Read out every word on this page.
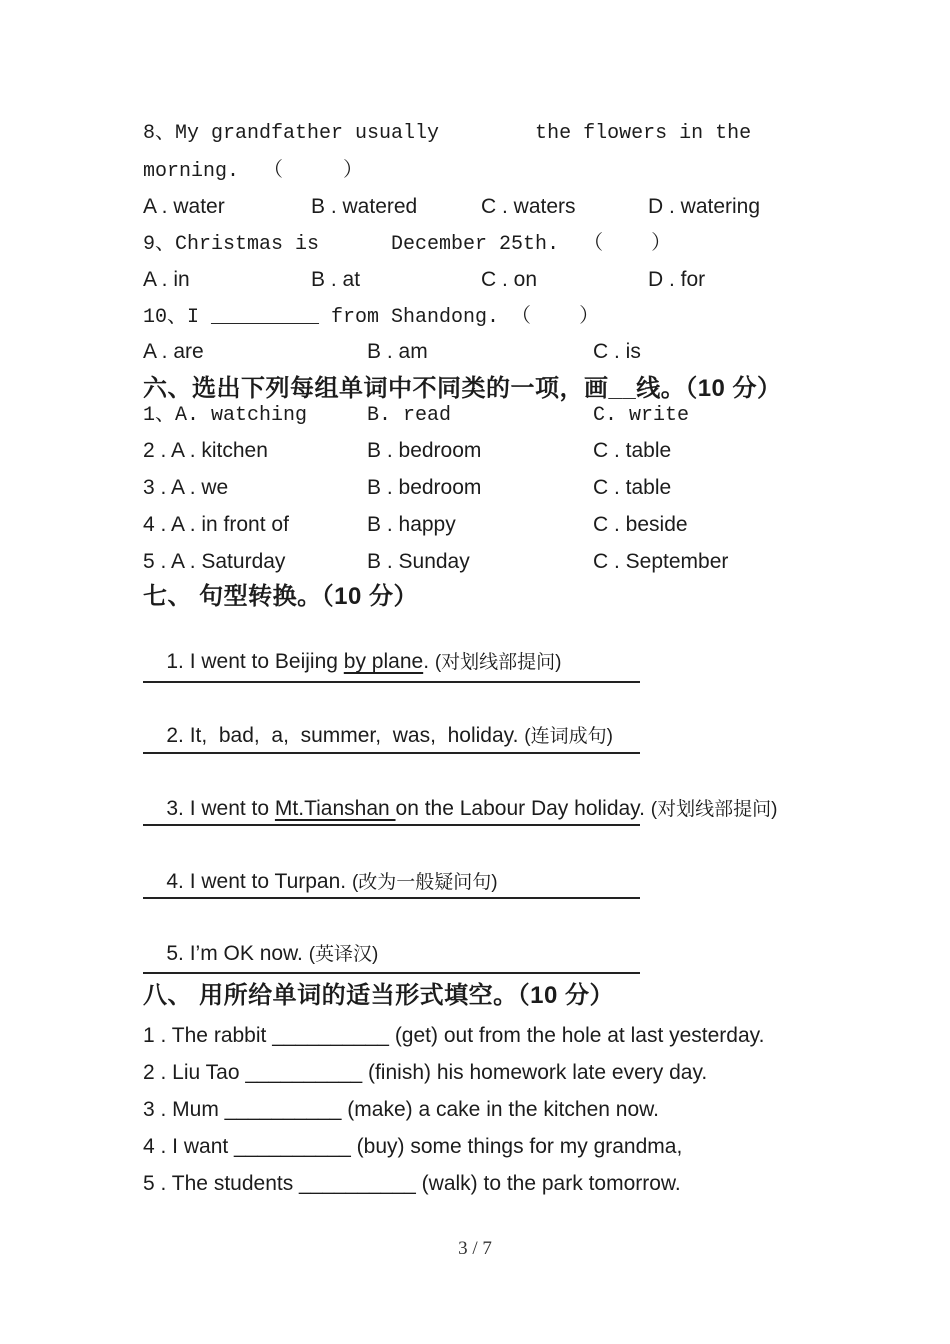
8、My grandfather usually        the flowers in the
morning.  （     ）
A . water	B . watered	C . waters	D . watering
9、Christmas is      December 25th.  （    ）
A . in	B . at	C . on	D . for
10、I _________ from Shandong. （    ）
A . are	B . am	C . is
六、选出下列每组单词中不同类的一项，画__线。（10 分）
1、A. watching	B. read	C. write
2 . A . kitchen	B . bedroom	C . table
3 . A . we	B . bedroom	C . table
4 . A . in front of	B . happy	C . beside
5 . A . Saturday	B . Sunday	C . September
七、 句型转换。（10 分）

1. I went to Beijing by plane. (对划线部提问)

2. It,  bad,  a,  summer,  was,  holiday. (连词成句)

3. I went to Mt.Tianshan on the Labour Day holiday. (对划线部提问)

4. I went to Turpan. (改为一般疑问句)

5. I’m OK now. (英译汉)

八、 用所给单词的适当形式填空。（10 分）
1 . The rabbit __________ (get) out from the hole at last yesterday.
2 . Liu Tao __________ (finish) his homework late every day.
3 . Mum __________ (make) a cake in the kitchen now.
4 . I want __________ (buy) some things for my grandma,
5 . The students __________ (walk) to the park tomorrow.
3 / 7
